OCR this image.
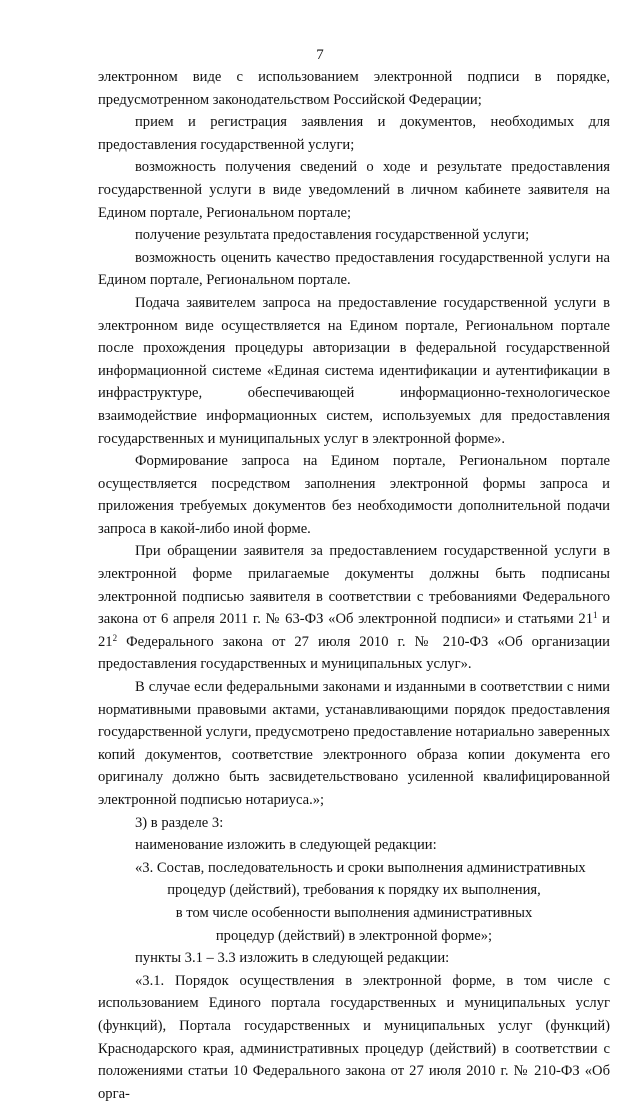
7

электронном виде с использованием электронной подписи в порядке, предусмотренном законодательством Российской Федерации;

прием и регистрация заявления и документов, необходимых для предоставления государственной услуги;

возможность получения сведений о ходе и результате предоставления государственной услуги в виде уведомлений в личном кабинете заявителя на Едином портале, Региональном портале;

получение результата предоставления государственной услуги;

возможность оценить качество предоставления государственной услуги на Едином портале, Региональном портале.

Подача заявителем запроса на предоставление государственной услуги в электронном виде осуществляется на Едином портале, Региональном портале после прохождения процедуры авторизации в федеральной государственной информационной системе «Единая система идентификации и аутентификации в инфраструктуре, обеспечивающей информационно-технологическое взаимодействие информационных систем, используемых для предоставления государственных и муниципальных услуг в электронной форме».

Формирование запроса на Едином портале, Региональном портале осуществляется посредством заполнения электронной формы запроса и приложения требуемых документов без необходимости дополнительной подачи запроса в какой-либо иной форме.

При обращении заявителя за предоставлением государственной услуги в электронной форме прилагаемые документы должны быть подписаны электронной подписью заявителя в соответствии с требованиями Федерального закона от 6 апреля 2011 г. № 63-ФЗ «Об электронной подписи» и статьями $21^1$ и $21^2$ Федерального закона от 27 июля 2010 г. № 210-ФЗ «Об организации предоставления государственных и муниципальных услуг».

В случае если федеральными законами и изданными в соответствии с ними нормативными правовыми актами, устанавливающими порядок предоставления государственной услуги, предусмотрено предоставление нотариально заверенных копий документов, соответствие электронного образа копии документа его оригиналу должно быть засвидетельствовано усиленной квалифицированной электронной подписью нотариуса.»;

3) в разделе 3:

наименование изложить в следующей редакции:

«3. Состав, последовательность и сроки выполнения административных

процедур (действий), требования к порядку их выполнения,

в том числе особенности выполнения административных

процедур (действий) в электронной форме»;

пункты 3.1 – 3.3 изложить в следующей редакции:

«3.1. Порядок осуществления в электронной форме, в том числе с использованием Единого портала государственных и муниципальных услуг (функций), Портала государственных и муниципальных услуг (функций) Краснодарского края, административных процедур (действий) в соответствии с положениями статьи 10 Федерального закона от 27 июля 2010 г. № 210-ФЗ «Об орга-
